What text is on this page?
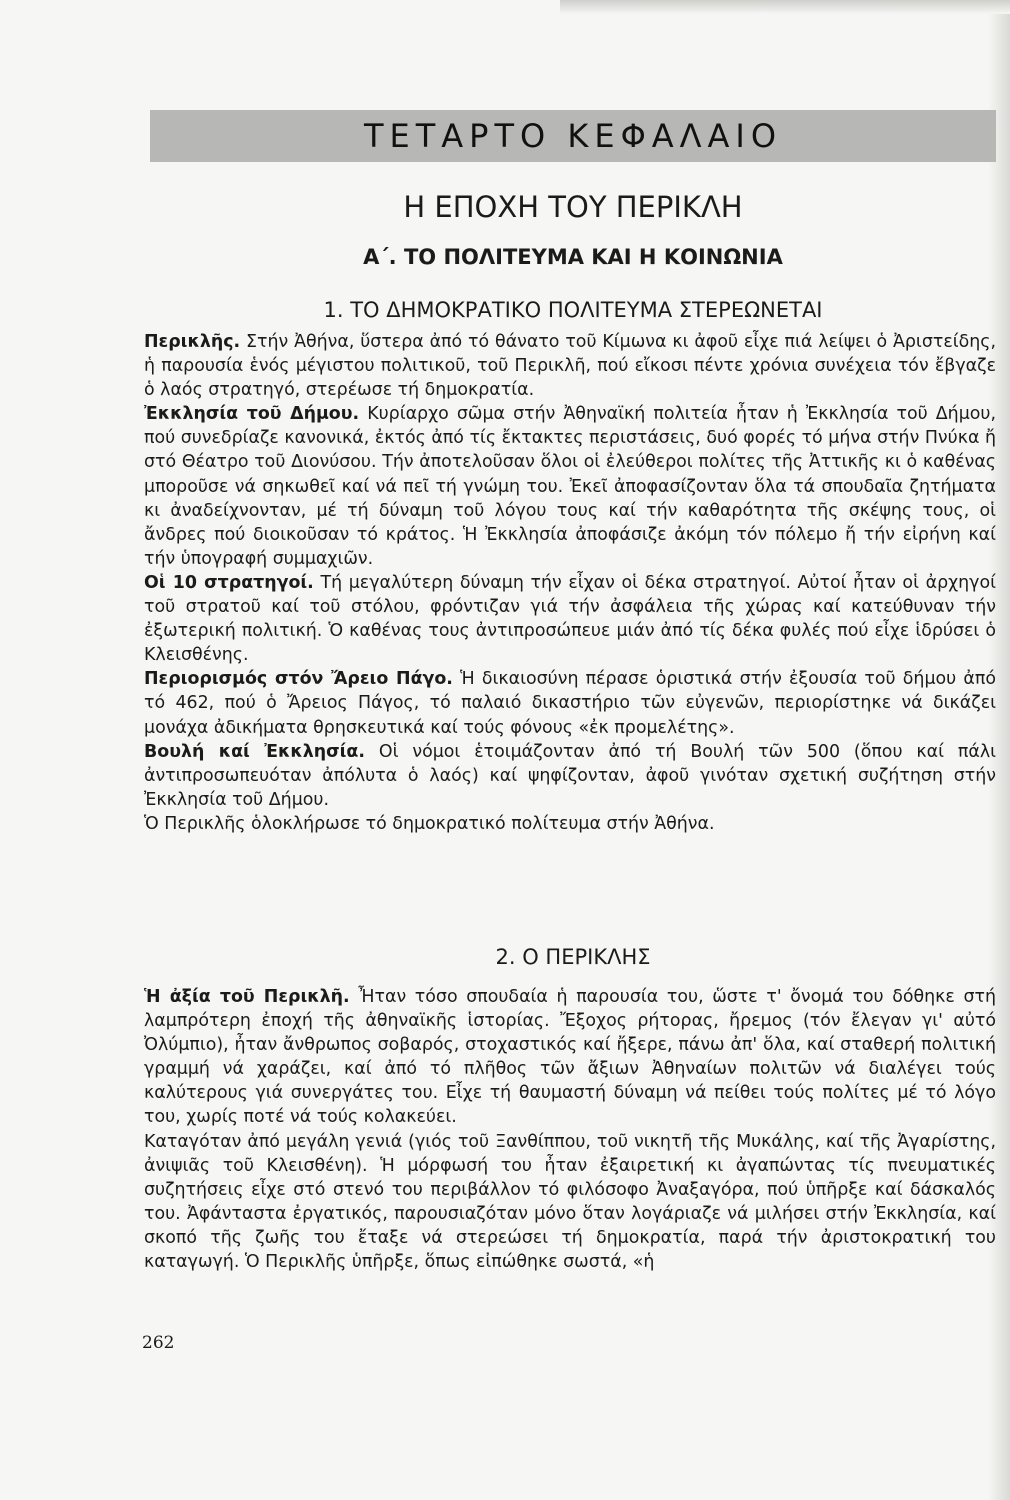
ΤΕΤΑΡΤΟ ΚΕΦΑΛΑΙΟ
Η ΕΠΟΧΗ ΤΟΥ ΠΕΡΙΚΛΗ
Α΄. ΤΟ ΠΟΛΙΤΕΥΜΑ ΚΑΙ Η ΚΟΙΝΩΝΙΑ
1. ΤΟ ΔΗΜΟΚΡΑΤΙΚΟ ΠΟΛΙΤΕΥΜΑ ΣΤΕΡΕΩΝΕΤΑΙ

Περικλῆς. Στήν Ἀθήνα, ὕστερα ἀπό τό θάνατο τοῦ Κίμωνα κι ἀφοῦ εἶχε πιά λείψει ὁ Ἀριστείδης, ἡ παρουσία ἑνός μέγιστου πολιτικοῦ, τοῦ Περικλῆ, πού εἴκοσι πέντε χρόνια συνέχεια τόν ἔβγαζε ὁ λαός στρατηγό, στερέωσε τή δημοκρατία.

Ἐκκλησία τοῦ Δήμου. Κυρίαρχο σῶμα στήν Ἀθηναϊκή πολιτεία ἦταν ἡ Ἐκκλησία τοῦ Δήμου, πού συνεδρίαζε κανονικά, ἐκτός ἀπό τίς ἔκτακτες περιστάσεις, δυό φορές τό μήνα στήν Πνύκα ἤ στό Θέατρο τοῦ Διονύσου. Τήν ἀποτελοῦσαν ὅλοι οἱ ἐλεύθεροι πολίτες τῆς Ἀττικῆς κι ὁ καθένας μποροῦσε νά σηκωθεῖ καί νά πεῖ τή γνώμη του. Ἐκεῖ ἀποφασίζονταν ὅλα τά σπουδαῖα ζητήματα κι ἀναδείχνονταν, μέ τή δύναμη τοῦ λόγου τους καί τήν καθαρότητα τῆς σκέψης τους, οἱ ἄνδρες πού διοικοῦσαν τό κράτος. Ἡ Ἐκκλησία ἀποφάσιζε ἀκόμη τόν πόλεμο ἤ τήν εἰρήνη καί τήν ὑπογραφή συμμαχιῶν.

Οἱ 10 στρατηγοί. Τή μεγαλύτερη δύναμη τήν εἶχαν οἱ δέκα στρατηγοί. Αὐτοί ἦταν οἱ ἀρχηγοί τοῦ στρατοῦ καί τοῦ στόλου, φρόντιζαν γιά τήν ἀσφάλεια τῆς χώρας καί κατεύθυναν τήν ἐξωτερική πολιτική. Ὁ καθένας τους ἀντιπροσώπευε μιάν ἀπό τίς δέκα φυλές πού εἶχε ἱδρύσει ὁ Κλεισθένης.

Περιορισμός στόν Ἄρειο Πάγο. Ἡ δικαιοσύνη πέρασε ὁριστικά στήν ἐξουσία τοῦ δήμου ἀπό τό 462, πού ὁ Ἄρειος Πάγος, τό παλαιό δικαστήριο τῶν εὐγενῶν, περιορίστηκε νά δικάζει μονάχα ἀδικήματα θρησκευτικά καί τούς φόνους «ἐκ προμελέτης».

Βουλή καί Ἐκκλησία. Οἱ νόμοι ἑτοιμάζονταν ἀπό τή Βουλή τῶν 500 (ὅπου καί πάλι ἀντιπροσωπευόταν ἀπόλυτα ὁ λαός) καί ψηφίζονταν, ἀφοῦ γινόταν σχετική συζήτηση στήν Ἐκκλησία τοῦ Δήμου.

Ὁ Περικλῆς ὁλοκλήρωσε τό δημοκρατικό πολίτευμα στήν Ἀθήνα.

2. Ο ΠΕΡΙΚΛΗΣ

Ἡ ἀξία τοῦ Περικλῆ. Ἦταν τόσο σπουδαία ἡ παρουσία του, ὥστε τ' ὄνομά του δόθηκε στή λαμπρότερη ἐποχή τῆς ἀθηναϊκῆς ἱστορίας. Ἔξοχος ρήτορας, ἤρεμος (τόν ἔλεγαν γι' αὐτό Ὀλύμπιο), ἦταν ἄνθρωπος σοβαρός, στοχαστικός καί ἤξερε, πάνω ἀπ' ὅλα, καί σταθερή πολιτική γραμμή νά χαράζει, καί ἀπό τό πλῆθος τῶν ἄξιων Ἀθηναίων πολιτῶν νά διαλέγει τούς καλύτερους γιά συνεργάτες του. Εἶχε τή θαυμαστή δύναμη νά πείθει τούς πολίτες μέ τό λόγο του, χωρίς ποτέ νά τούς κολακεύει.

Καταγόταν ἀπό μεγάλη γενιά (γιός τοῦ Ξανθίππου, τοῦ νικητῆ τῆς Μυκάλης, καί τῆς Ἀγαρίστης, ἀνιψιᾶς τοῦ Κλεισθένη). Ἡ μόρφωσή του ἦταν ἐξαιρετική κι ἀγαπώντας τίς πνευματικές συζητήσεις εἶχε στό στενό του περιβάλλον τό φιλόσοφο Ἀναξαγόρα, πού ὑπῆρξε καί δάσκαλός του. Ἀφάνταστα ἐργατικός, παρουσιαζόταν μόνο ὅταν λογάριαζε νά μιλήσει στήν Ἐκκλησία, καί σκοπό τῆς ζωῆς του ἔταξε νά στερεώσει τή δημοκρατία, παρά τήν ἀριστοκρατική του καταγωγή. Ὁ Περικλῆς ὑπῆρξε, ὅπως εἰπώθηκε σωστά, «ἡ

262
